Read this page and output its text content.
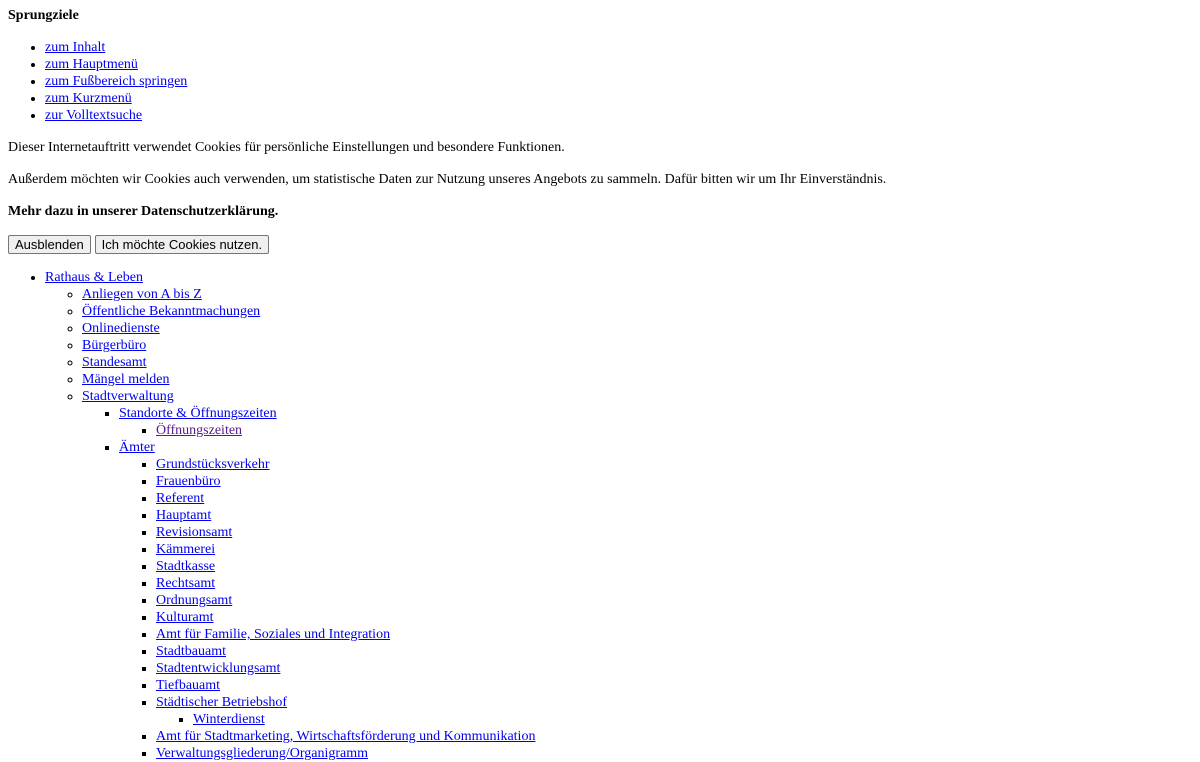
Sprungziele
• zum Inhalt
• zum Hauptmenü
• zum Fußbereich springen
• zum Kurzmenü
• zur Volltextsuche

Dieser Internetauftritt verwendet Cookies für persönliche Einstellungen und besondere Funktionen.

Außerdem möchten wir Cookies auch verwenden, um statistische Daten zur Nutzung unseres Angebots zu sammeln. Dafür bitten wir um Ihr Einverständnis.

Mehr dazu in unserer Datenschutzerklärung.

Ausblenden	Ich möchte Cookies nutzen.
• Rathaus & Leben
◦ Anliegen von A bis Z
◦ Öffentliche Bekanntmachungen
◦ Onlinedienste
◦ Bürgerbüro
◦ Standesamt
◦ Mängel melden
◦ Stadtverwaltung
▪ Standorte & Öffnungszeiten
▪ Öffnungszeiten
▪ Ämter
▪ Grundstücksverkehr
▪ Frauenbüro
▪ Referent
▪ Hauptamt
▪ Revisionsamt
▪ Kämmerei
▪ Stadtkasse
▪ Rechtsamt
▪ Ordnungsamt
▪ Kulturamt
▪ Amt für Familie, Soziales und Integration
▪ Stadtbauamt
▪ Stadtentwicklungsamt
▪ Tiefbauamt
▪ Städtischer Betriebshof
▪ Winterdienst
▪ Amt für Stadtmarketing, Wirtschaftsförderung und Kommunikation
▪ Verwaltungsgliederung/Organigramm
